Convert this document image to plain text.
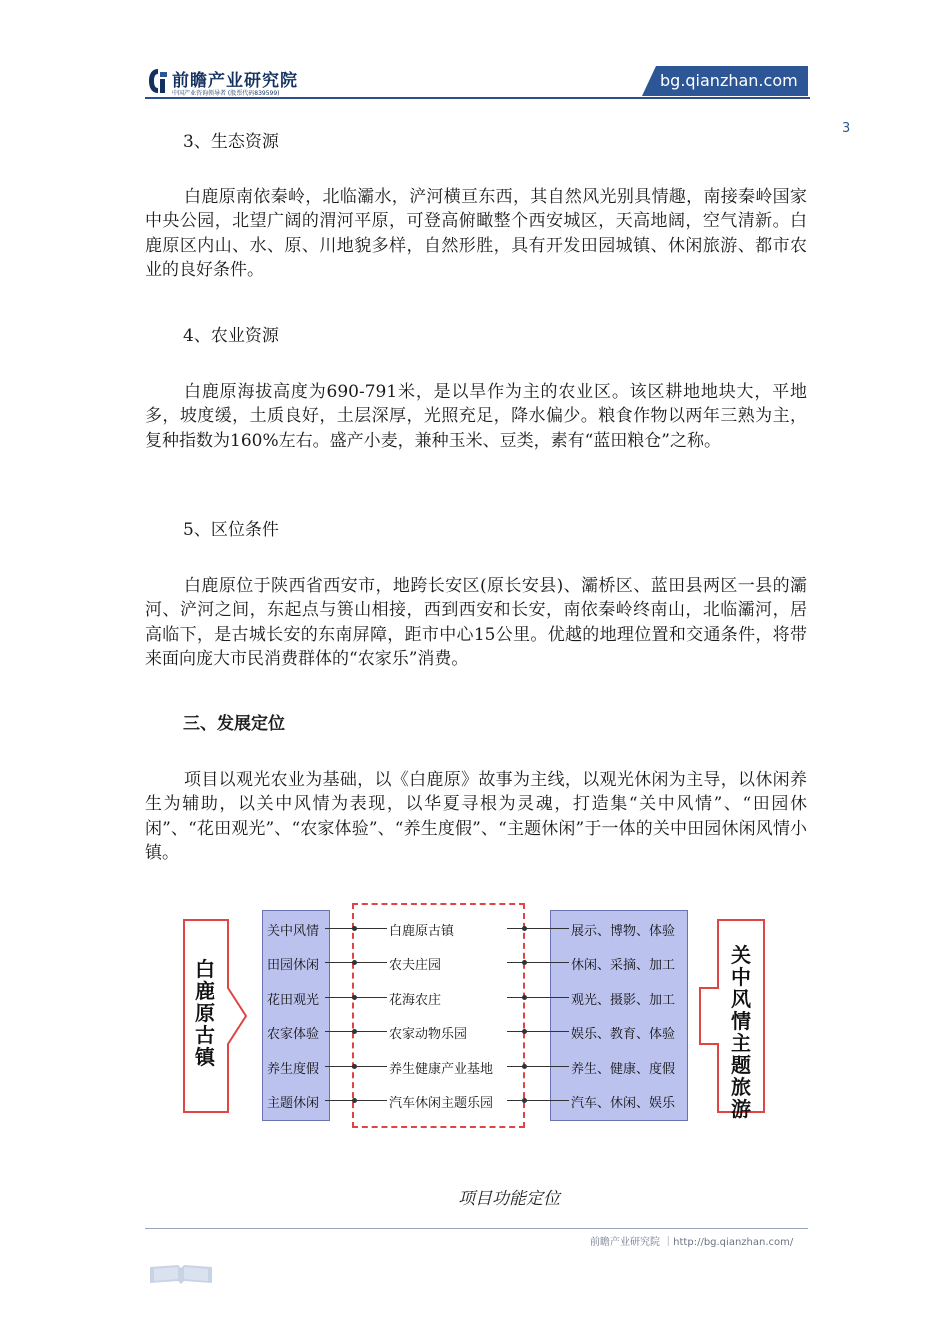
前瞻产业研究院
中国产业咨询领导者 (股票代码839599)
bg.qianzhan.com
3
3、生态资源
白鹿原南依秦岭，北临灞水，浐河横亘东西，其自然风光别具情趣，南接秦岭国家中央公园，北望广阔的渭河平原，可登高俯瞰整个西安城区，天高地阔，空气清新。白鹿原区内山、水、原、川地貌多样，自然形胜，具有开发田园城镇、休闲旅游、都市农业的良好条件。
4、农业资源
白鹿原海拔高度为690-791米，是以旱作为主的农业区。该区耕地地块大，平地多，坡度缓，土质良好，土层深厚，光照充足，降水偏少。粮食作物以两年三熟为主，复种指数为160%左右。盛产小麦，兼种玉米、豆类，素有“蓝田粮仓”之称。
5、区位条件
白鹿原位于陕西省西安市，地跨长安区(原长安县)、灞桥区、蓝田县两区一县的灞河、浐河之间，东起点与篑山相接，西到西安和长安，南依秦岭终南山，北临灞河，居高临下，是古城长安的东南屏障，距市中心15公里。优越的地理位置和交通条件，将带来面向庞大市民消费群体的“农家乐”消费。
三、发展定位
项目以观光农业为基础，以《白鹿原》故事为主线，以观光休闲为主导，以休闲养生为辅助，以关中风情为表现，以华夏寻根为灵魂，打造集“关中风情”、“田园休闲”、“花田观光”、“农家体验”、“养生度假”、“主题休闲”于一体的关中田园休闲风情小镇。
白鹿原古镇
关中风情主题旅游
关中风情
田园休闲
花田观光
农家体验
养生度假
主题休闲
白鹿原古镇
农夫庄园
花海农庄
农家动物乐园
养生健康产业基地
汽车休闲主题乐园
展示、博物、体验
休闲、采摘、加工
观光、摄影、加工
娱乐、教育、体验
养生、健康、度假
汽车、休闲、娱乐
项目功能定位
前瞻产业研究院 ｜http://bg.qianzhan.com/
